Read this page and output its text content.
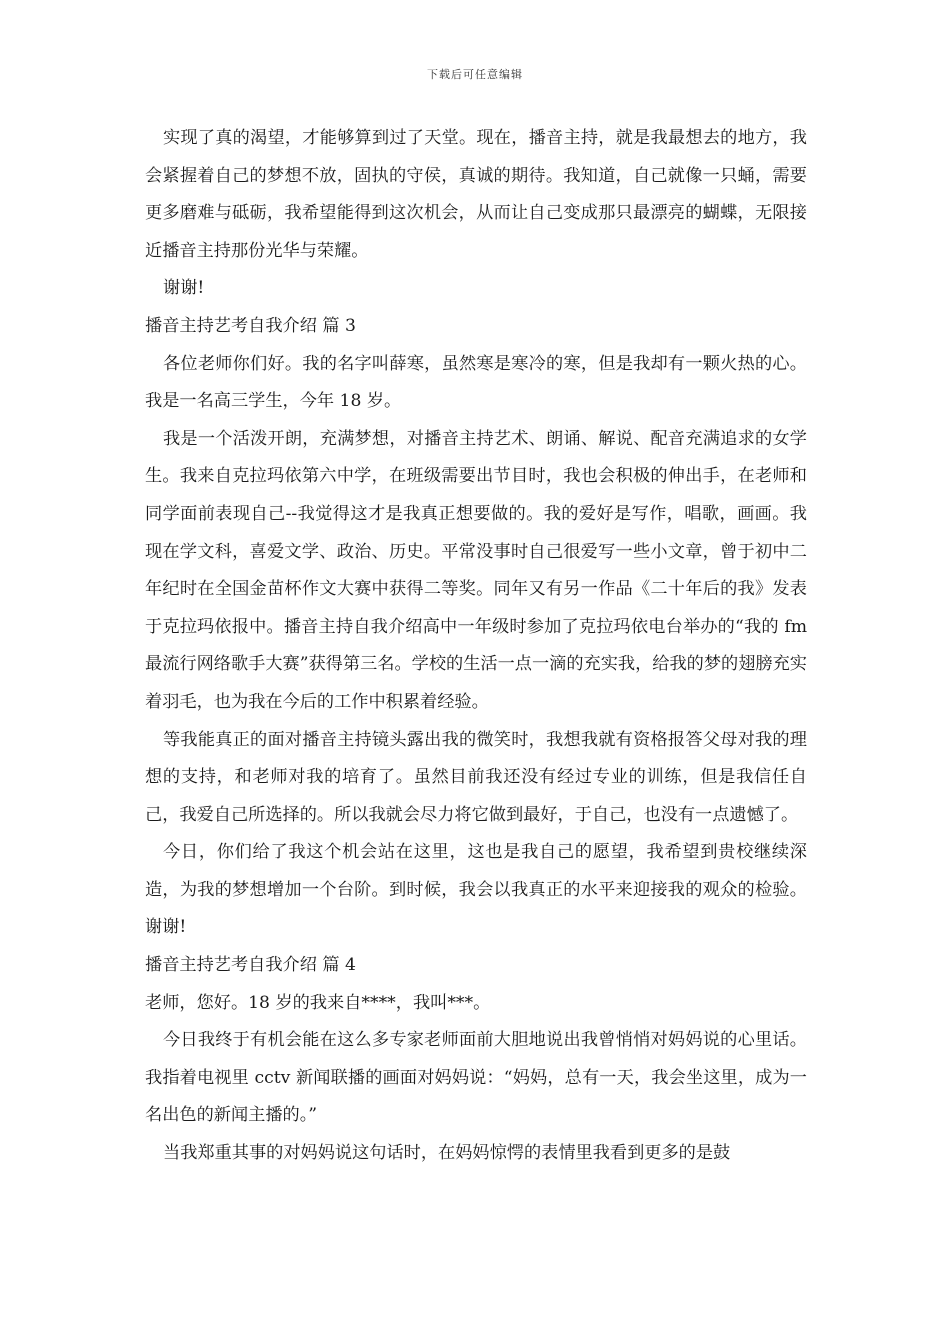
下载后可任意编辑

实现了真的渴望，才能够算到过了天堂。现在，播音主持，就是我最想去的地方，我会紧握着自己的梦想不放，固执的守侯，真诚的期待。我知道，自己就像一只蛹，需要更多磨难与砥砺，我希望能得到这次机会，从而让自己变成那只最漂亮的蝴蝶，无限接近播音主持那份光华与荣耀。

谢谢!

播音主持艺考自我介绍 篇 3

各位老师你们好。我的名字叫薛寒，虽然寒是寒冷的寒，但是我却有一颗火热的心。我是一名高三学生，今年 18 岁。

我是一个活泼开朗，充满梦想，对播音主持艺术、朗诵、解说、配音充满追求的女学生。我来自克拉玛依第六中学，在班级需要出节目时，我也会积极的伸出手，在老师和同学面前表现自己--我觉得这才是我真正想要做的。我的爱好是写作，唱歌，画画。我现在学文科，喜爱文学、政治、历史。平常没事时自己很爱写一些小文章，曾于初中二年纪时在全国金苗杯作文大赛中获得二等奖。同年又有另一作品《二十年后的我》发表于克拉玛依报中。播音主持自我介绍高中一年级时参加了克拉玛依电台举办的“我的 fm 最流行网络歌手大赛”获得第三名。学校的生活一点一滴的充实我，给我的梦的翅膀充实着羽毛，也为我在今后的工作中积累着经验。

等我能真正的面对播音主持镜头露出我的微笑时，我想我就有资格报答父母对我的理想的支持，和老师对我的培育了。虽然目前我还没有经过专业的训练，但是我信任自己，我爱自己所选择的。所以我就会尽力将它做到最好，于自己，也没有一点遗憾了。

今日，你们给了我这个机会站在这里，这也是我自己的愿望，我希望到贵校继续深造，为我的梦想增加一个台阶。到时候，我会以我真正的水平来迎接我的观众的检验。谢谢!

播音主持艺考自我介绍 篇 4

老师，您好。18 岁的我来自****，我叫***。

今日我终于有机会能在这么多专家老师面前大胆地说出我曾悄悄对妈妈说的心里话。我指着电视里 cctv 新闻联播的画面对妈妈说：“妈妈，总有一天，我会坐这里，成为一名出色的新闻主播的。”

当我郑重其事的对妈妈说这句话时，在妈妈惊愕的表情里我看到更多的是鼓
